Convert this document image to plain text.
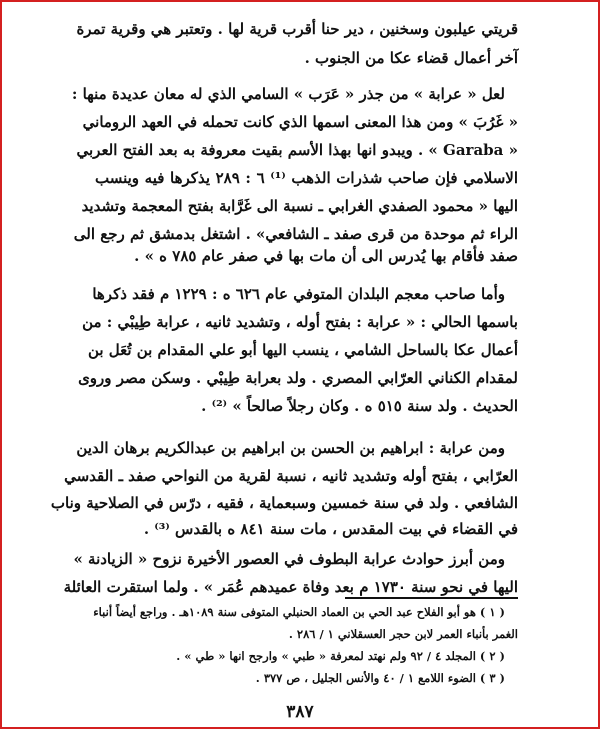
قريتي عيلبون وسخنين ، دير حنا أقرب قرية لها . وتعتبر هي وقرية تمرة
آخر أعمال قضاء عكا من الجنوب .
لعل « عرابة » من جذر « عَرَب » السامي الذي له معان عديدة منها :
« غَرُبَ » ومن هذا المعنى اسمها الذي كانت تحمله في العهد الروماني
« Garaba » . ويبدو انها بهذا الأسم بقيت معروفة به بعد الفتح العربي
الاسلامي فإن صاحب شذرات الذهب ⁽¹⁾ ٦ : ٢٨٩ يذكرها فيه وينسب
اليها « محمود الصفدي الغرابي ـ نسبة الى غَرَّابة بفتح المعجمة وتشديد
الراء ثم موحدة من قرى صفد ـ الشافعي» . اشتغل بدمشق ثم رجع الى
صفد فأقام بها يُدرس الى أن مات بها في صفر عام ٧٨٥ ه » .
وأما صاحب معجم البلدان المتوفي عام ٦٢٦ ه : ١٢٢٩ م فقد ذكرها
باسمها الحالي : « عرابة : بفتح أوله ، وتشديد ثانيه ، عرابة طِيبْي : من
أعمال عكا بالساحل الشامي ، ينسب اليها أبو علي المقدام بن تُعَل بن
لمقدام الكناني العرّابي المصري . ولد بعرابة طِيبْي . وسكن مصر وروى
الحديث . ولد سنة ٥١٥ ه . وكان رجلاً صالحاً » ⁽²⁾ .
ومن عرابة : ابراهيم بن الحسن بن ابراهيم بن عبدالكريم برهان الدين
العرّابي ، بفتح أوله وتشديد ثانيه ، نسبة لقرية من النواحي صفد ـ القدسي
الشافعي . ولد في سنة خمسين وسبعماية ، فقيه ، درّس في الصلاحية وناب
في القضاء في بيت المقدس ، مات سنة ٨٤١ ه بالقدس ⁽³⁾ .
ومن أبرز حوادث عرابة البطوف في العصور الأخيرة نزوح « الزيادنة »
اليها في نحو سنة ١٧٣٠ م بعد وفاة عميدهم عُمَر » . ولما استقرت العائلة
( ١ ) هو أبو الفلاح عبد الحي بن العماد الحنبلي المتوفى سنة ١٠٨٩هـ . وراجع أيضاً أنباء
الغمر بأنباء العمر لابن حجر العسقلاني ١ / ٢٨٦ .
( ٢ ) المجلد ٤ / ٩٢ ولم نهتد لمعرفة « طبي » وارجح انها « طي » .
( ٣ ) الضوء اللامع ١ / ٤٠ والأنس الجليل ، ص ٣٧٧ .
٣٨٧
